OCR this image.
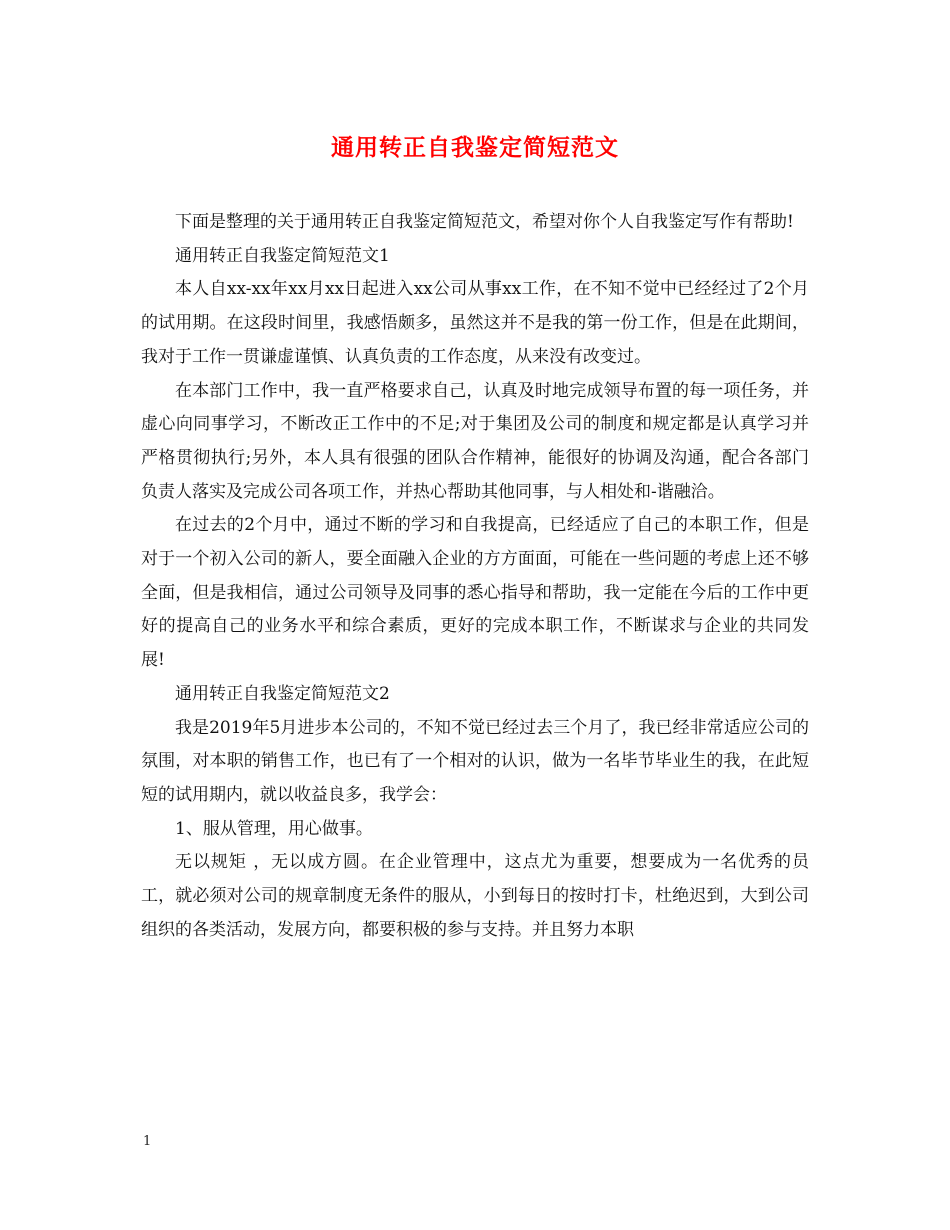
通用转正自我鉴定简短范文

下面是整理的关于通用转正自我鉴定简短范文，希望对你个人自我鉴定写作有帮助!

通用转正自我鉴定简短范文1

本人自xx-xx年xx月xx日起进入xx公司从事xx工作，在不知不觉中已经经过了2个月的试用期。在这段时间里，我感悟颇多，虽然这并不是我的第一份工作，但是在此期间，我对于工作一贯谦虚谨慎、认真负责的工作态度，从来没有改变过。

在本部门工作中，我一直严格要求自己，认真及时地完成领导布置的每一项任务，并虚心向同事学习，不断改正工作中的不足;对于集团及公司的制度和规定都是认真学习并严格贯彻执行;另外，本人具有很强的团队合作精神，能很好的协调及沟通，配合各部门负责人落实及完成公司各项工作，并热心帮助其他同事，与人相处和-谐融洽。

在过去的2个月中，通过不断的学习和自我提高，已经适应了自己的本职工作，但是对于一个初入公司的新人，要全面融入企业的方方面面，可能在一些问题的考虑上还不够全面，但是我相信，通过公司领导及同事的悉心指导和帮助，我一定能在今后的工作中更好的提高自己的业务水平和综合素质，更好的完成本职工作，不断谋求与企业的共同发展!

通用转正自我鉴定简短范文2

我是2019年5月进步本公司的，不知不觉已经过去三个月了，我已经非常适应公司的氛围，对本职的销售工作，也已有了一个相对的认识，做为一名毕节毕业生的我，在此短短的试用期内，就以收益良多，我学会：

1、服从管理，用心做事。

无以规矩 ，无以成方圆。在企业管理中，这点尤为重要，想要成为一名优秀的员工，就必须对公司的规章制度无条件的服从，小到每日的按时打卡，杜绝迟到，大到公司组织的各类活动，发展方向，都要积极的参与支持。并且努力本职

1
